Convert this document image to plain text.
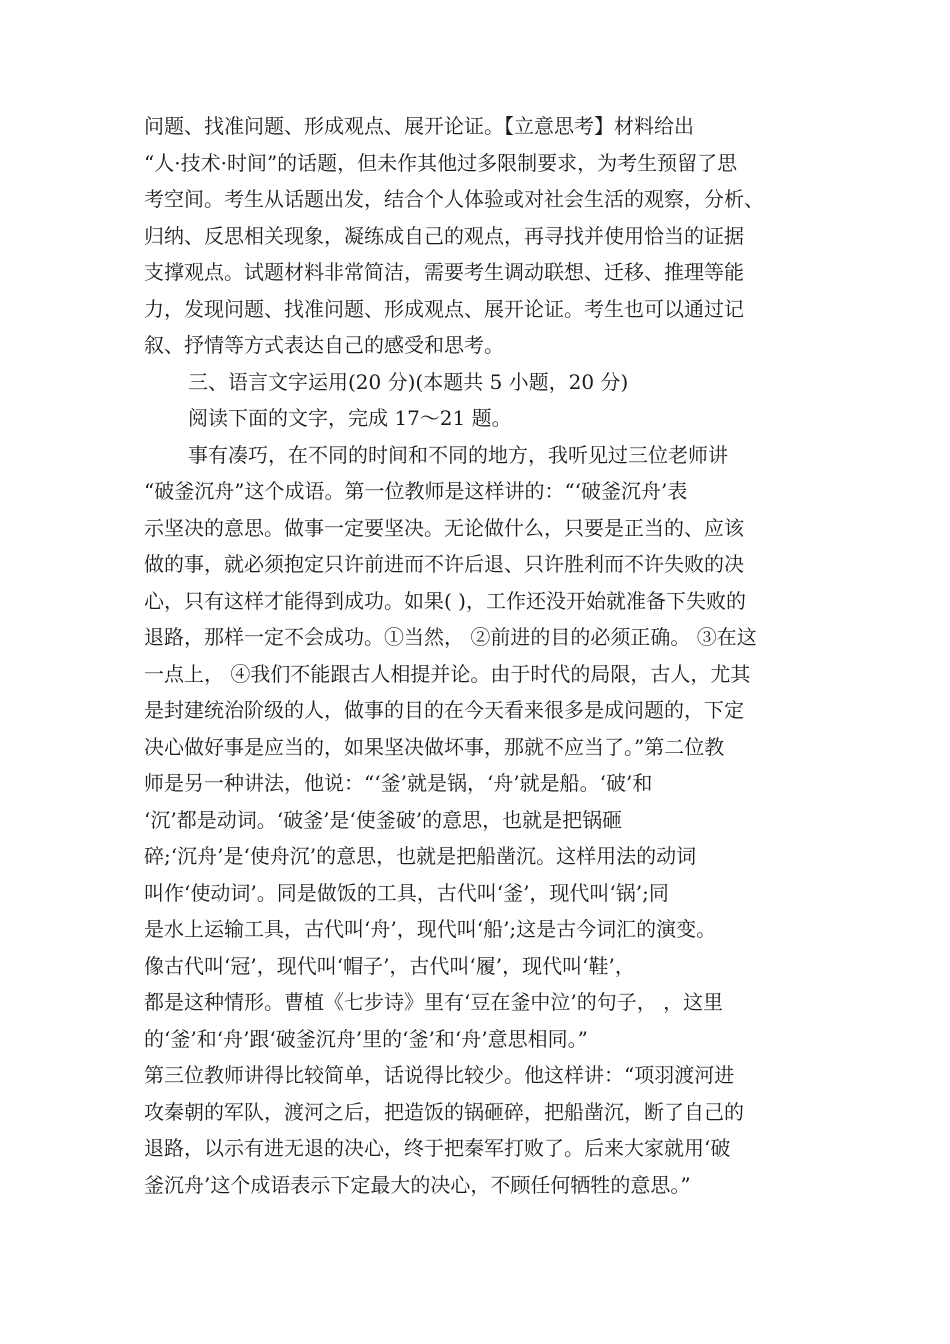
问题、找准问题、形成观点、展开论证。【立意思考】材料给出
“人·技术·时间”的话题，但未作其他过多限制要求，为考生预留了思
考空间。考生从话题出发，结合个人体验或对社会生活的观察，分析、
归纳、反思相关现象，凝练成自己的观点，再寻找并使用恰当的证据
支撑观点。试题材料非常简洁，需要考生调动联想、迁移、推理等能
力，发现问题、找准问题、形成观点、展开论证。考生也可以通过记
叙、抒情等方式表达自己的感受和思考。
三、语言文字运用(20 分)(本题共 5 小题，20 分)
阅读下面的文字，完成 17～21 题。
事有凑巧，在不同的时间和不同的地方，我听见过三位老师讲
“破釜沉舟”这个成语。第一位教师是这样讲的：“‘破釜沉舟’表
示坚决的意思。做事一定要坚决。无论做什么，只要是正当的、应该
做的事，就必须抱定只许前进而不许后退、只许胜利而不许失败的决
心，只有这样才能得到成功。如果( )，工作还没开始就准备下失败的
退路，那样一定不会成功。①当然， ②前进的目的必须正确。 ③在这
一点上， ④我们不能跟古人相提并论。由于时代的局限，古人，尤其
是封建统治阶级的人，做事的目的在今天看来很多是成问题的，下定
决心做好事是应当的，如果坚决做坏事，那就不应当了。”第二位教
师是另一种讲法，他说：“‘釜’就是锅，‘舟’就是船。‘破’和
‘沉’都是动词。‘破釜’是‘使釜破’的意思，也就是把锅砸
碎;‘沉舟’是‘使舟沉’的意思，也就是把船凿沉。这样用法的动词
叫作‘使动词’。同是做饭的工具，古代叫‘釜’，现代叫‘锅’;同
是水上运输工具，古代叫‘舟’，现代叫‘船’;这是古今词汇的演变。
像古代叫‘冠’，现代叫‘帽子’，古代叫‘履’，现代叫‘鞋’，
都是这种情形。曹植《七步诗》里有‘豆在釜中泣’的句子， ，这里
的‘釜’和‘舟’跟‘破釜沉舟’里的‘釜’和‘舟’意思相同。”
第三位教师讲得比较简单，话说得比较少。他这样讲：“项羽渡河进
攻秦朝的军队，渡河之后，把造饭的锅砸碎，把船凿沉，断了自己的
退路，以示有进无退的决心，终于把秦军打败了。后来大家就用‘破
釜沉舟’这个成语表示下定最大的决心，不顾任何牺牲的意思。”
